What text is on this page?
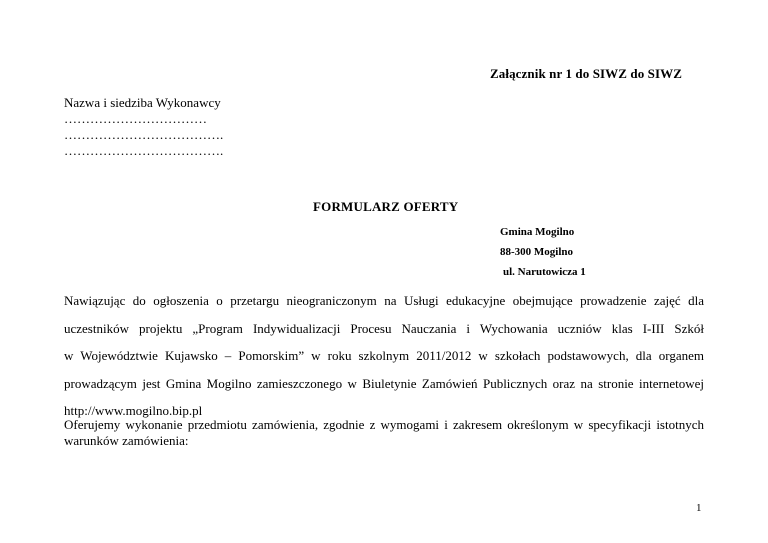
Załącznik nr 1 do SIWZ do SIWZ
Nazwa i siedziba Wykonawcy
……………………………
……………………………….
……………………………….
FORMULARZ OFERTY
Gmina Mogilno
88-300 Mogilno
ul. Narutowicza 1
Nawiązując do ogłoszenia o przetargu nieograniczonym na Usługi edukacyjne obejmujące prowadzenie zajęć dla
uczestników projektu „Program Indywidualizacji Procesu Nauczania i Wychowania uczniów klas I-III Szkół
w Województwie Kujawsko – Pomorskim” w roku szkolnym 2011/2012 w szkołach podstawowych, dla organem
prowadzącym jest Gmina Mogilno zamieszczonego w Biuletynie Zamówień Publicznych oraz na stronie internetowej
http://www.mogilno.bip.pl
Oferujemy wykonanie przedmiotu zamówienia, zgodnie z wymogami i zakresem określonym w specyfikacji istotnych
warunków zamówienia:
1
